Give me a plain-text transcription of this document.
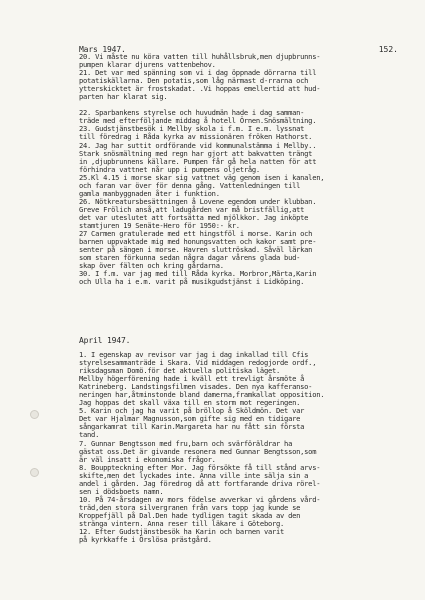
152.
Mars 1947.
20. Vi måste nu köra vatten till huhållsbruk,men djupbrunns-
pumpen klarar djurens vattenbehov.
21. Det var med spänning som vi i dag öppnade dörrarna till
potatiskällarna. Den potatis,som låg närmast d-rrarna och
ytterskicktet är frostskadat. .Vi hoppas emellertid att hud-
parten har klarat sig.
22. Sparbankens styrelse och huvudmän hade i dag samman-
träde med efterföljande middag å hotell Örnen.Snösmältning.
23. Gudstjänstbesök i Mellby skola i f.m. I e.m. lyssnat
till föredrag i Råda kyrka av missionären fröken Hathorst.
24. Jag har suttit ordförande vid kommunalstämma i Mellby..
Stark snösmältning med regn har gjort att bakvatten trängt
in ,djupbrunnens källare. Pumpen får gå hela natten för att
förhindra vattnet når upp i pumpens oljetråg.
25.Kl 4.15 i morse skar sig vattnet väg genom isen i kanalen,
och faran var över för denna gång. Vattenledningen till
gamla manbyggnaden åter i funktion.
26. Nötkreatursbesättningen å Lovene egendom under klubban.
Greve Frölich anså,att ladugården var må bristfällig,att
det var uteslutet att fortsätta med mjölkkor. Jag inköpte
stamtjuren 19 Senäte-Hero för 1950:- kr.
27 Carmen gratulerade med ett hingstföl i morse. Karin och
barnen uppvaktade mig med honungsvatten och kakor samt pre-
senter på sängen i morse. Havren sluttröskad. Såväl lärkan
som staren förkunna sedan några dagar vårens glada bud-
skap över fälten och kring gårdarna.
30. I f.m. var jag med till Råda kyrka. Morbror,Märta,Karin
och Ulla ha i e.m. varit på musikgudstjänst i Lidköping.
April 1947.
1. I egenskap av revisor var jag i dag inkallad till Cfis
styrelsesammanträde i Skara. Vid middagen redogjorde ordf.,
riksdagsman Domö.för det aktuella politiska läget.
Mellby högerförening hade i kväll ett trevligt årsmöte å
Katrineberg. Landstingsfilmen visades. Den nya kafferanso-
neringen har,åtminstonde bland damerna,framkallat opposition.
Jag hoppas det skall växa till en storm mot regeringen.
5. Karin och jag ha varit på bröllop å Sköldmön. Det var
Det var Hjalmar Magnusson,som gifte sig med en tidigare
sångarkamrat till Karin.Margareta har nu fått sin första
tand.
7. Gunnar Bengtsson med fru,barn och svärföräldrar ha
gästat oss.Det är givande resonera med Gunnar Bengtsson,som
är väl insatt i ekonomiska frågor.
8. Bouppteckning efter Mor. Jag försökte få till stånd arvs-
skifte,men det lyckades inte. Anna ville inte sälja sin a
andel i gården. Jag föredrog då att fortfarande driva rörel-
sen i dödsboets namn.
10. På 74-årsdagen av mors födelse avverkar vi gårdens vård-
träd,den stora silvergranen från vars topp jag kunde se
Kroppefjäll på Dal.Den hade tydligen tagit skada av den
stränga vintern. Anna reser till läkare i Göteborg.
12. Efter Gudstjänstbesök ha Karin och barnen varit
på kyrkkaffe i Örslösa prästgård.
